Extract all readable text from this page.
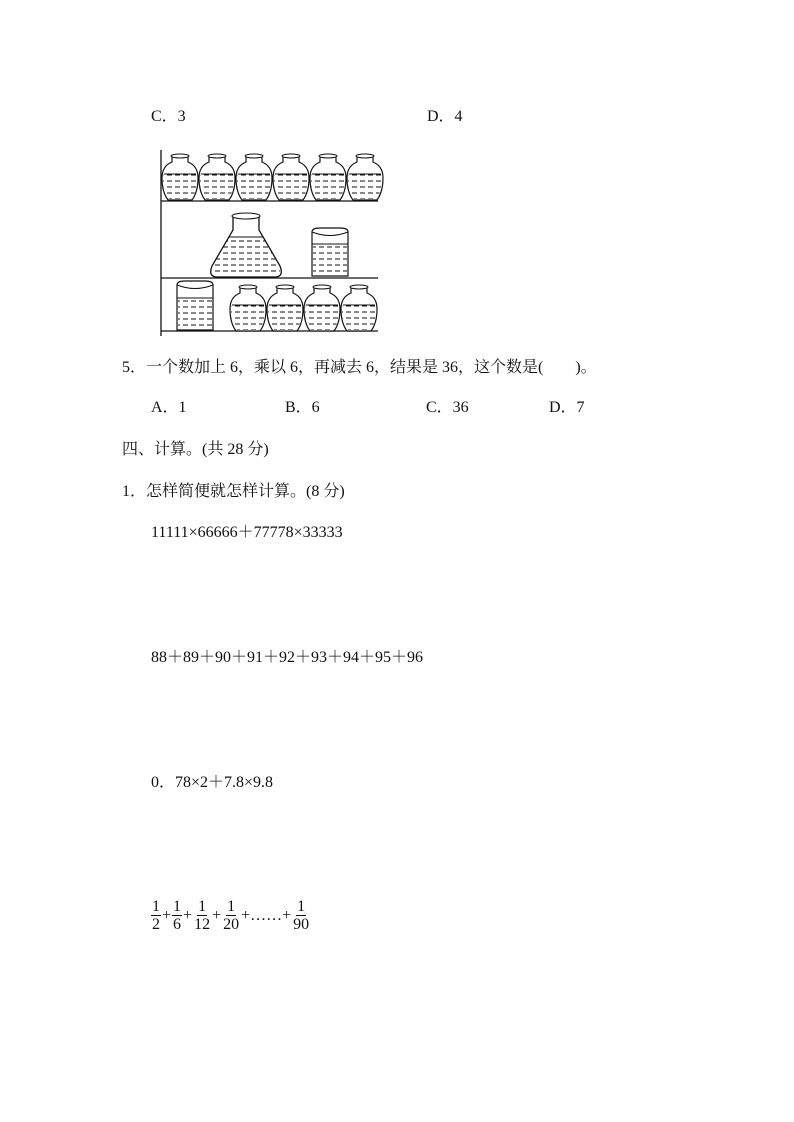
C．3	D．4
5．一个数加上 6，乘以 6，再减去 6，结果是 36，这个数是(　　)。
A．1	B．6	C．36	D．7
四、计算。(共 28 分)
1．怎样简便就怎样计算。(8 分)
11111×66666＋77778×33333
88＋89＋90＋91＋92＋93＋94＋95＋96
0．78×2＋7.8×9.8
$\frac{1}{2} + \frac{1}{6} + \frac{1}{12} + \frac{1}{20}$ +……+ $\frac{1}{90}$
